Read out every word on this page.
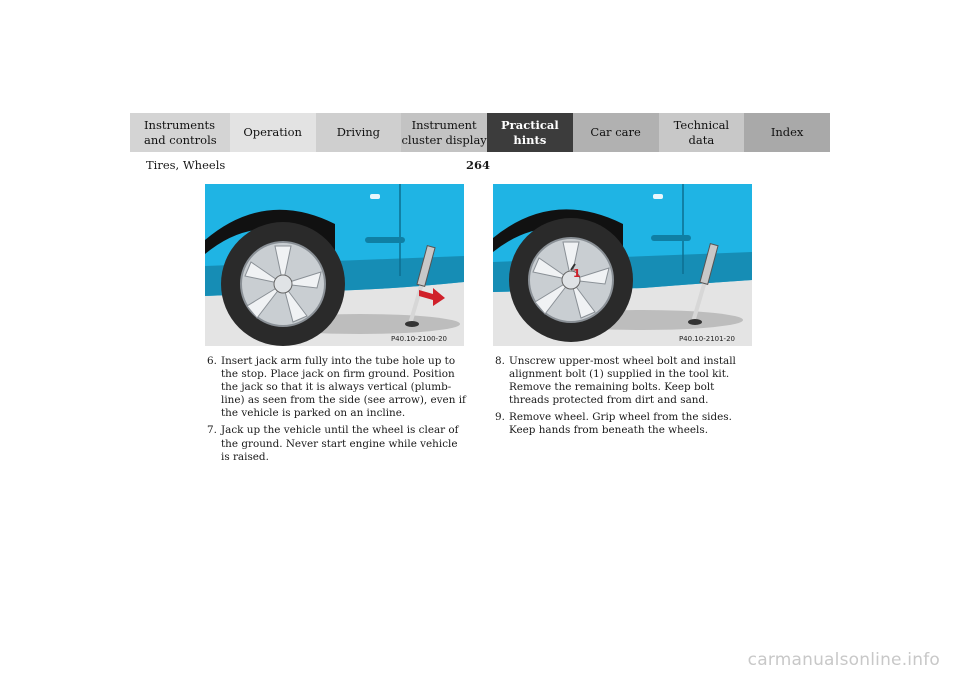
Instruments
and controls
Operation	Driving
Instrument
cluster display
Practical hints
Car care
Technical
data
Index
Tires, Wheels	264
P40.10-2100-20
1
P40.10-2101-20
6. Insert jack arm fully into the tube hole up to the stop. Place jack on firm ground. Position the jack so that it is always vertical (plumb-line) as seen from the side (see arrow), even if the vehicle is parked on an incline.
7. Jack up the vehicle until the wheel is clear of the ground. Never start engine while vehicle is raised.
8. Unscrew upper-most wheel bolt and install alignment bolt (1) supplied in the tool kit. Remove the remaining bolts. Keep bolt threads protected from dirt and sand.
9. Remove wheel. Grip wheel from the sides. Keep hands from beneath the wheels.
carmanualsonline.info
